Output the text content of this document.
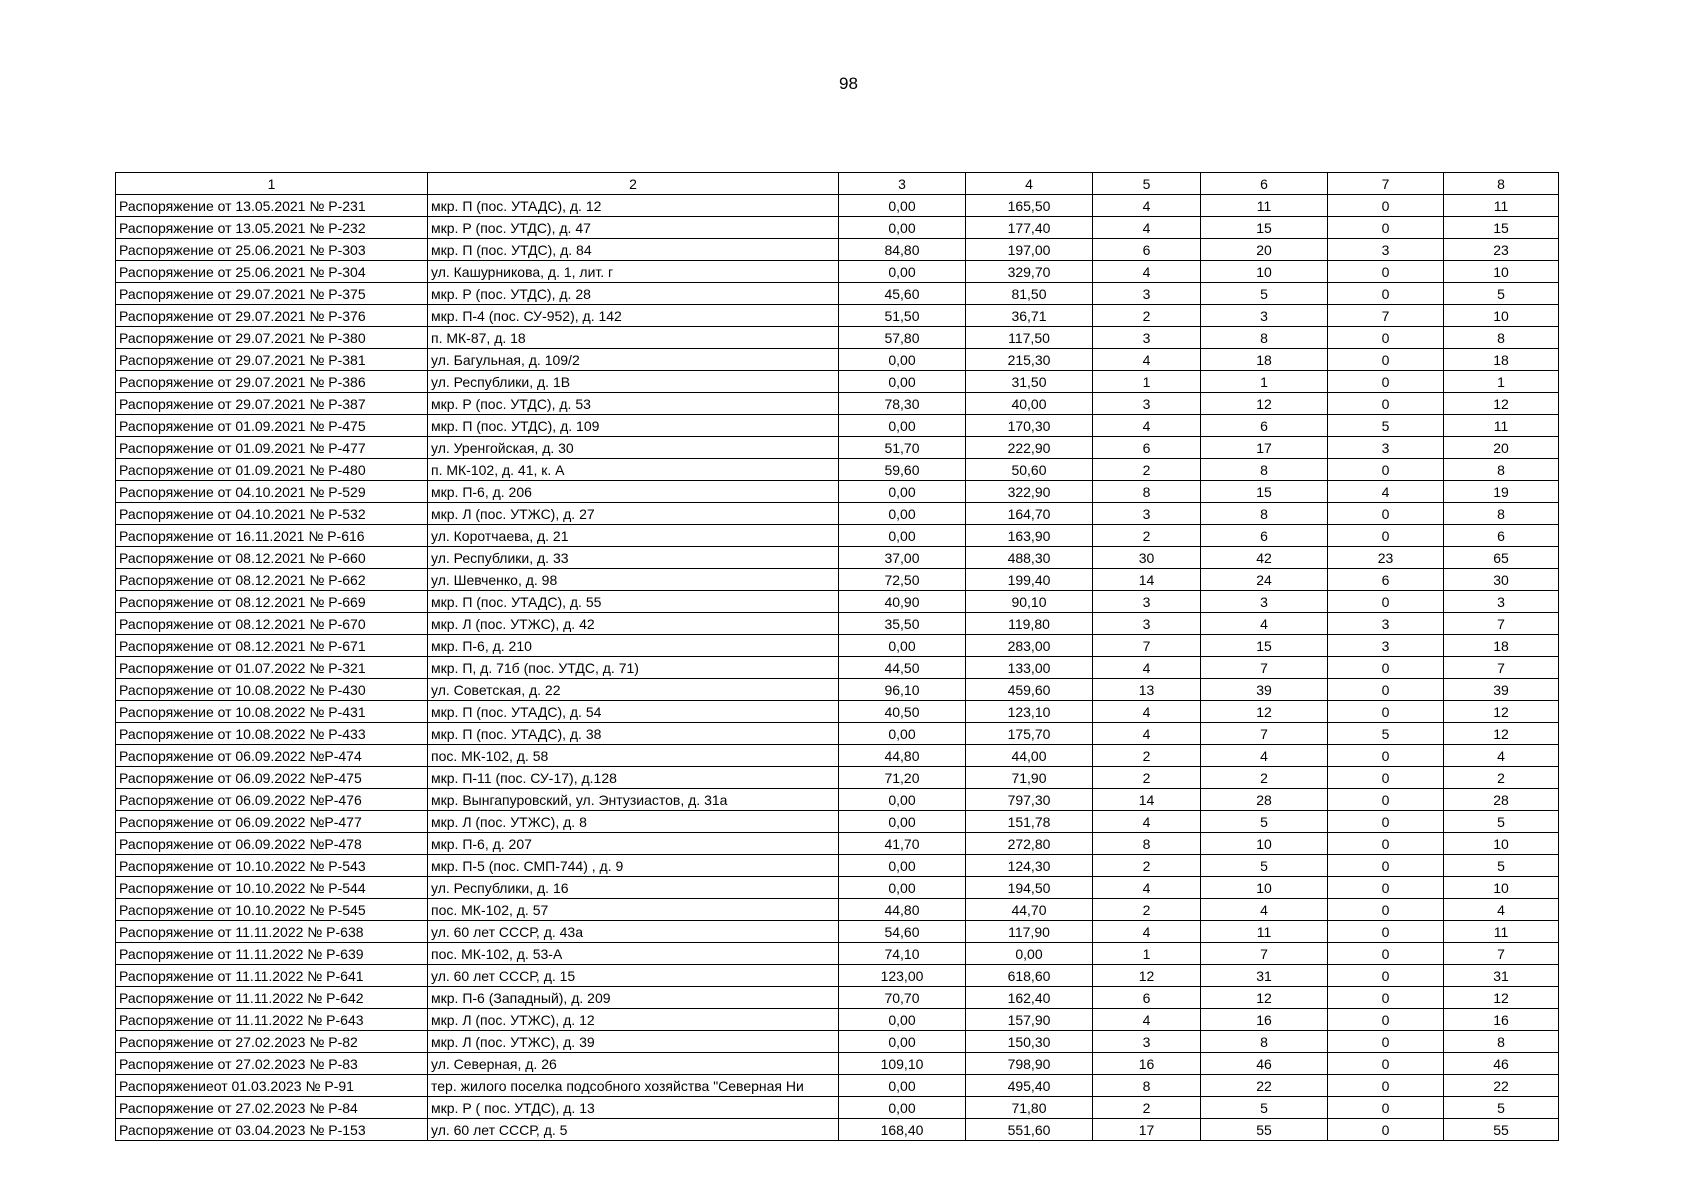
98
1	2	3	4	5	6	7	8
Распоряжение от 13.05.2021 № Р-231	мкр. П (пос. УТАДС), д. 12	0,00	165,50	4	11	0	11
Распоряжение от 13.05.2021 № Р-232	мкр. Р (пос. УТДС), д. 47	0,00	177,40	4	15	0	15
Распоряжение от 25.06.2021 № Р-303	мкр. П (пос. УТДС), д. 84	84,80	197,00	6	20	3	23
Распоряжение от 25.06.2021 № Р-304	ул. Кашурникова, д. 1, лит. г	0,00	329,70	4	10	0	10
Распоряжение от 29.07.2021 № Р-375	мкр. Р (пос. УТДС), д. 28	45,60	81,50	3	5	0	5
Распоряжение от 29.07.2021 № Р-376	мкр. П-4 (пос. СУ-952), д. 142	51,50	36,71	2	3	7	10
Распоряжение от 29.07.2021 № Р-380	п. МК-87, д. 18	57,80	117,50	3	8	0	8
Распоряжение от 29.07.2021 № Р-381	ул. Багульная, д. 109/2	0,00	215,30	4	18	0	18
Распоряжение от 29.07.2021 № Р-386	ул. Республики, д. 1В	0,00	31,50	1	1	0	1
Распоряжение от 29.07.2021 № Р-387	мкр. Р (пос. УТДС), д. 53	78,30	40,00	3	12	0	12
Распоряжение от 01.09.2021 № Р-475	мкр. П (пос. УТДС), д. 109	0,00	170,30	4	6	5	11
Распоряжение от 01.09.2021 № Р-477	ул. Уренгойская, д. 30	51,70	222,90	6	17	3	20
Распоряжение от 01.09.2021 № Р-480	п. МК-102, д. 41, к. А	59,60	50,60	2	8	0	8
Распоряжение от 04.10.2021 № Р-529	мкр. П-6, д. 206	0,00	322,90	8	15	4	19
Распоряжение от 04.10.2021 № Р-532	мкр. Л (пос. УТЖС), д. 27	0,00	164,70	3	8	0	8
Распоряжение от 16.11.2021 № Р-616	ул. Коротчаева, д. 21	0,00	163,90	2	6	0	6
Распоряжение от 08.12.2021 № Р-660	ул. Республики, д. 33	37,00	488,30	30	42	23	65
Распоряжение от 08.12.2021 № Р-662	ул. Шевченко, д. 98	72,50	199,40	14	24	6	30
Распоряжение от 08.12.2021 № Р-669	мкр. П (пос. УТАДС), д. 55	40,90	90,10	3	3	0	3
Распоряжение от 08.12.2021 № Р-670	мкр. Л (пос. УТЖС), д. 42	35,50	119,80	3	4	3	7
Распоряжение от 08.12.2021 № Р-671	мкр. П-6, д. 210	0,00	283,00	7	15	3	18
Распоряжение от 01.07.2022 № Р-321	мкр. П, д. 71б (пос. УТДС, д. 71)	44,50	133,00	4	7	0	7
Распоряжение от 10.08.2022 № Р-430	ул. Советская, д. 22	96,10	459,60	13	39	0	39
Распоряжение от 10.08.2022 № Р-431	мкр. П (пос. УТАДС), д. 54	40,50	123,10	4	12	0	12
Распоряжение от 10.08.2022 № Р-433	мкр. П (пос. УТАДС), д. 38	0,00	175,70	4	7	5	12
Распоряжение от 06.09.2022 №Р-474	пос. МК-102, д. 58	44,80	44,00	2	4	0	4
Распоряжение от 06.09.2022 №Р-475	мкр. П-11 (пос. СУ-17), д.128	71,20	71,90	2	2	0	2
Распоряжение от 06.09.2022 №Р-476	мкр. Вынгапуровский, ул. Энтузиастов, д. 31а	0,00	797,30	14	28	0	28
Распоряжение от 06.09.2022 №Р-477	мкр. Л (пос. УТЖС), д. 8	0,00	151,78	4	5	0	5
Распоряжение от 06.09.2022 №Р-478	мкр. П-6, д. 207	41,70	272,80	8	10	0	10
Распоряжение от 10.10.2022 № Р-543	мкр. П-5 (пос. СМП-744) , д. 9	0,00	124,30	2	5	0	5
Распоряжение от 10.10.2022 № Р-544	ул. Республики, д. 16	0,00	194,50	4	10	0	10
Распоряжение от 10.10.2022 № Р-545	пос. МК-102, д. 57	44,80	44,70	2	4	0	4
Распоряжение от 11.11.2022 № Р-638	ул. 60 лет СССР, д. 43а	54,60	117,90	4	11	0	11
Распоряжение от 11.11.2022 № Р-639	пос. МК-102, д. 53-А	74,10	0,00	1	7	0	7
Распоряжение от 11.11.2022 № Р-641	ул. 60 лет СССР, д. 15	123,00	618,60	12	31	0	31
Распоряжение от 11.11.2022 № Р-642	мкр. П-6 (Западный), д. 209	70,70	162,40	6	12	0	12
Распоряжение от 11.11.2022 № Р-643	мкр. Л (пос. УТЖС), д. 12	0,00	157,90	4	16	0	16
Распоряжение от 27.02.2023 № Р-82	мкр. Л (пос. УТЖС), д. 39	0,00	150,30	3	8	0	8
Распоряжение от 27.02.2023 № Р-83	ул. Северная, д. 26	109,10	798,90	16	46	0	46
Распоряжениеот 01.03.2023 № Р-91	тер. жилого поселка подсобного хозяйства "Северная Ни	0,00	495,40	8	22	0	22
Распоряжение от 27.02.2023 № Р-84	мкр. Р ( пос. УТДС), д. 13	0,00	71,80	2	5	0	5
Распоряжение от 03.04.2023 № Р-153	ул. 60 лет СССР, д. 5	168,40	551,60	17	55	0	55
